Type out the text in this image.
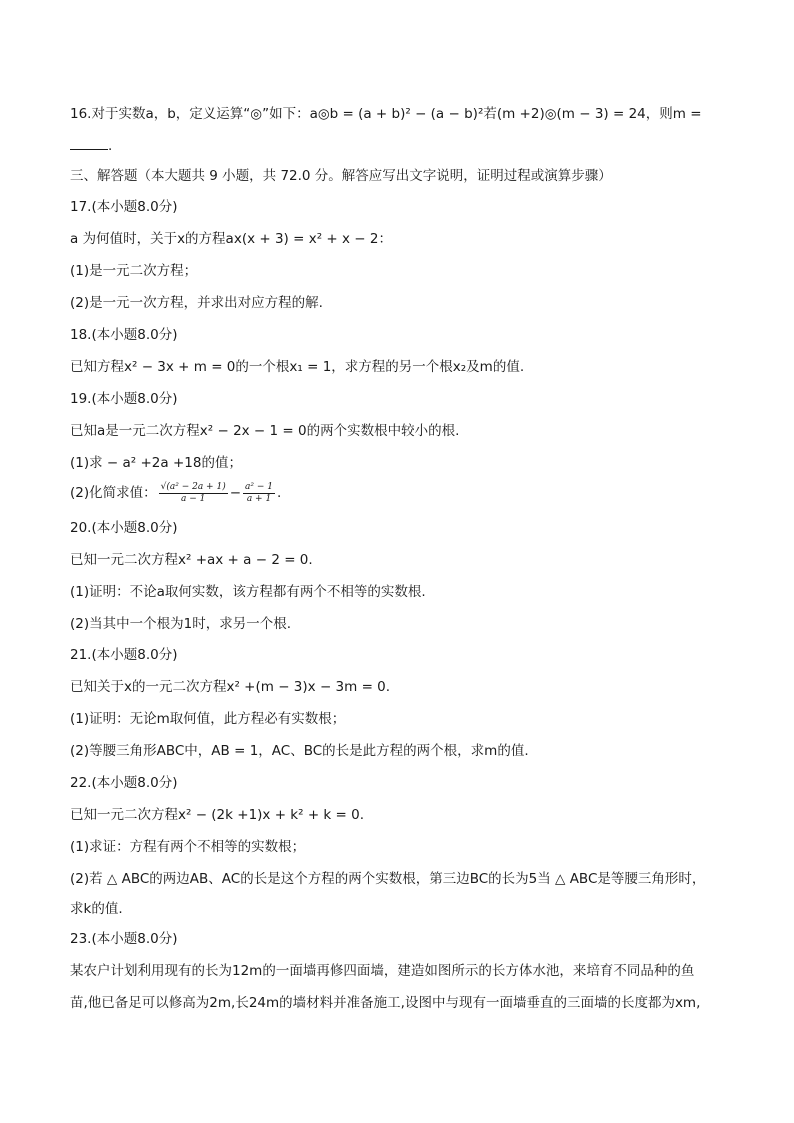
16.对于实数a，b，定义运算“◎”如下：a◎b = (a + b)² − (a − b)²若(m +2)◎(m − 3) = 24，则m =
.
三、解答题（本大题共 9 小题，共 72.0 分。解答应写出文字说明，证明过程或演算步骤）
17.(本小题8.0分)
a 为何值时，关于x的方程ax(x + 3) = x² + x − 2：
(1)是一元二次方程；
(2)是一元一次方程，并求出对应方程的解.
18.(本小题8.0分)
已知方程x² − 3x + m = 0的一个根x₁ = 1，求方程的另一个根x₂及m的值.
19.(本小题8.0分)
已知a是一元二次方程x² − 2x − 1 = 0的两个实数根中较小的根.
(1)求 − a² +2a +18的值；
(2)化简求值： $\frac{\text{√(a² − 2a + 1)}}{a - 1} - \frac{\text{a² − 1}}{a + 1}$ .
20.(本小题8.0分)
已知一元二次方程x² +ax + a − 2 = 0.
(1)证明：不论a取何实数，该方程都有两个不相等的实数根.
(2)当其中一个根为1时，求另一个根.
21.(本小题8.0分)
已知关于x的一元二次方程x² +(m − 3)x − 3m = 0.
(1)证明：无论m取何值，此方程必有实数根；
(2)等腰三角形ABC中，AB = 1，AC、BC的长是此方程的两个根，求m的值.
22.(本小题8.0分)
已知一元二次方程x² − (2k +1)x + k² + k = 0.
(1)求证：方程有两个不相等的实数根；
(2)若 △ ABC的两边AB、AC的长是这个方程的两个实数根，第三边BC的长为5当 △ ABC是等腰三角形时，
求k的值.
23.(本小题8.0分)
某农户计划利用现有的长为12m的一面墙再修四面墙，建造如图所示的长方体水池，来培育不同品种的鱼
苗,他已备足可以修高为2m,长24m的墙材料并准备施工,设图中与现有一面墙垂直的三面墙的长度都为xm,
